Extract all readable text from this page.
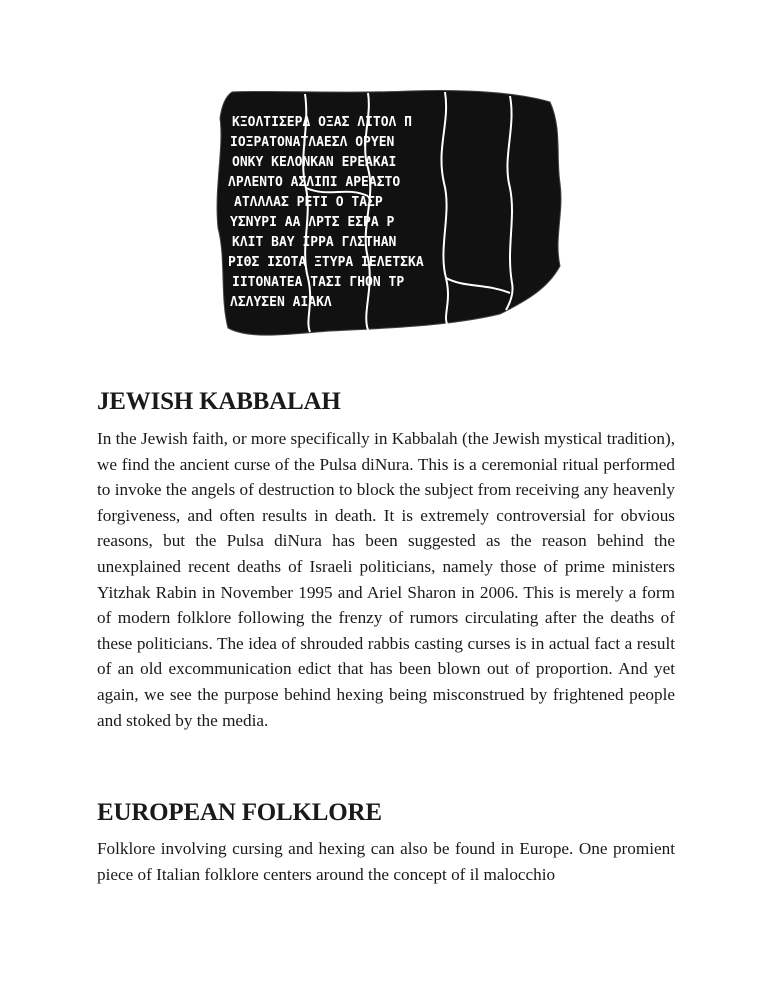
ΚΞΟΛΤΙΣΕΡΔ ΟΞΑΣ ΛΙΤΟΛ Π
ΙΟΞΡΑΤΟΝΑΤΛΑΕΣΛ ΟΡΥΕΝ
ΟΝΚΥ ΚΕΛΟΝΚΑΝ ΕΡΕΑΚΑΙ
ΛΡΛΕΝΤΟ ΑΣΛΙΠΙ ΑΡΕΑΣΤΟ
ΑΤΛΛΛΑΣ ΡΕΤΙ Ο ΤΑΣΡ
ΥΣΝΥΡΙ ΑΑ ΛΡΤΣ ΕΣΡΑ Ρ
ΚΛΙΤ ΒΑΥ ΙΡΡΑ ΓΛΣΤΗΑΝ
ΡΙΘΣ ΙΣΟΤΑ ΞΤΥΡΑ ΙΕΛΕΤΣΚΑ
ΙΙΤΟΝΑΤΕΑ ΤΑΣΙ ΓΗΟΝ ΤΡ
ΛΣΛΥΣΕΝ ΑΙΑΚΛ
JEWISH KABBALAH

In the Jewish faith, or more specifically in Kabbalah (the Jewish mystical tradition), we find the ancient curse of the Pulsa diNura. This is a ceremonial ritual performed to invoke the angels of destruction to block the subject from receiving any heavenly forgiveness, and often results in death. It is extremely controversial for obvious reasons, but the Pulsa diNura has been suggested as the reason behind the unexplained recent deaths of Israeli politicians, namely those of prime ministers Yitzhak Rabin in November 1995 and Ariel Sharon in 2006. This is merely a form of modern folklore following the frenzy of rumors circulating after the deaths of these politicians. The idea of shrouded rabbis casting curses is in actual fact a result of an old excommunication edict that has been blown out of proportion. And yet again, we see the purpose behind hexing being misconstrued by frightened people and stoked by the media.

EUROPEAN FOLKLORE

Folklore involving cursing and hexing can also be found in Europe. One promient piece of Italian folklore centers around the concept of il malocchio
